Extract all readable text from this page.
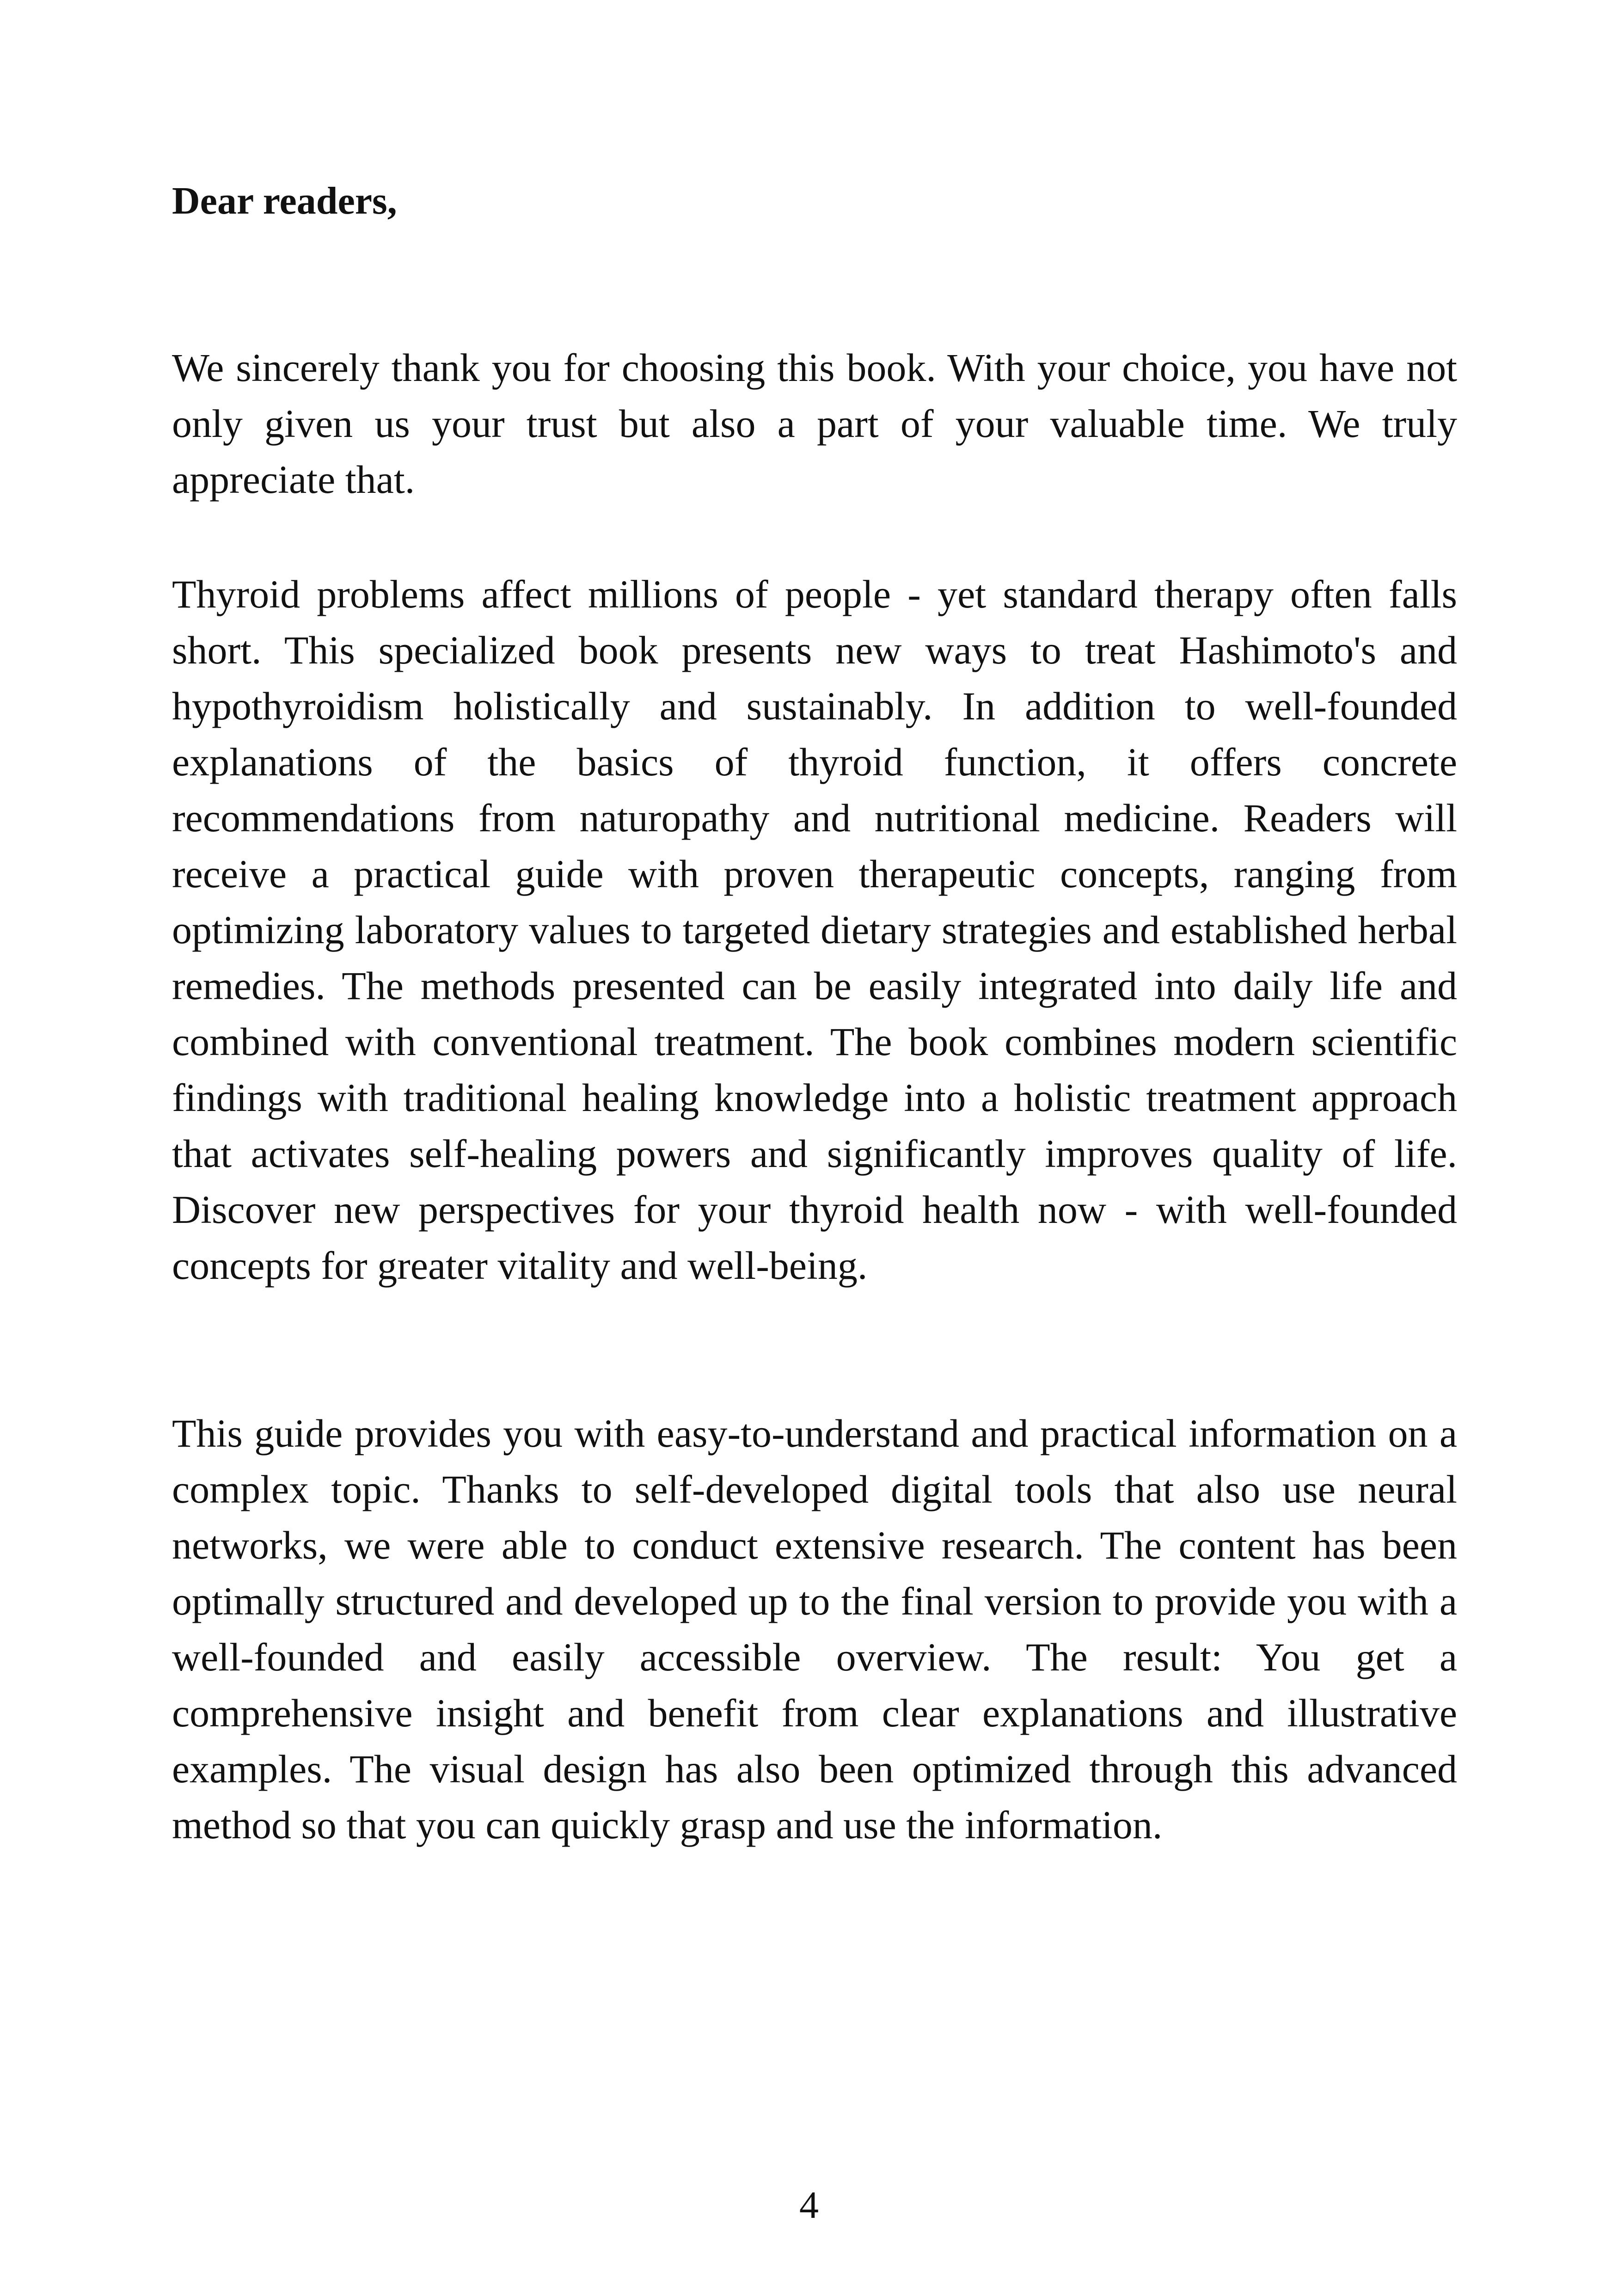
Dear readers,

We sincerely thank you for choosing this book. With your choice, you have not only given us your trust but also a part of your valuable time. We truly appreciate that.

Thyroid problems affect millions of people - yet standard therapy often falls short. This specialized book presents new ways to treat Hashimoto's and hypothyroidism holistically and sustainably. In addition to well-founded explanations of the basics of thyroid function, it offers concrete recommendations from naturopathy and nutritional medicine. Readers will receive a practical guide with proven therapeutic concepts, ranging from optimizing laboratory values to targeted dietary strategies and established herbal remedies. The methods presented can be easily integrated into daily life and combined with conventional treatment. The book combines modern scientific findings with traditional healing knowledge into a holistic treatment approach that activates self-healing powers and significantly improves quality of life. Discover new perspectives for your thyroid health now - with well-founded concepts for greater vitality and well-being.

This guide provides you with easy-to-understand and practical information on a complex topic. Thanks to self-developed digital tools that also use neural networks, we were able to conduct extensive research. The content has been optimally structured and developed up to the final version to provide you with a well-founded and easily accessible overview. The result: You get a comprehensive insight and benefit from clear explanations and illustrative examples. The visual design has also been optimized through this advanced method so that you can quickly grasp and use the information.

4
